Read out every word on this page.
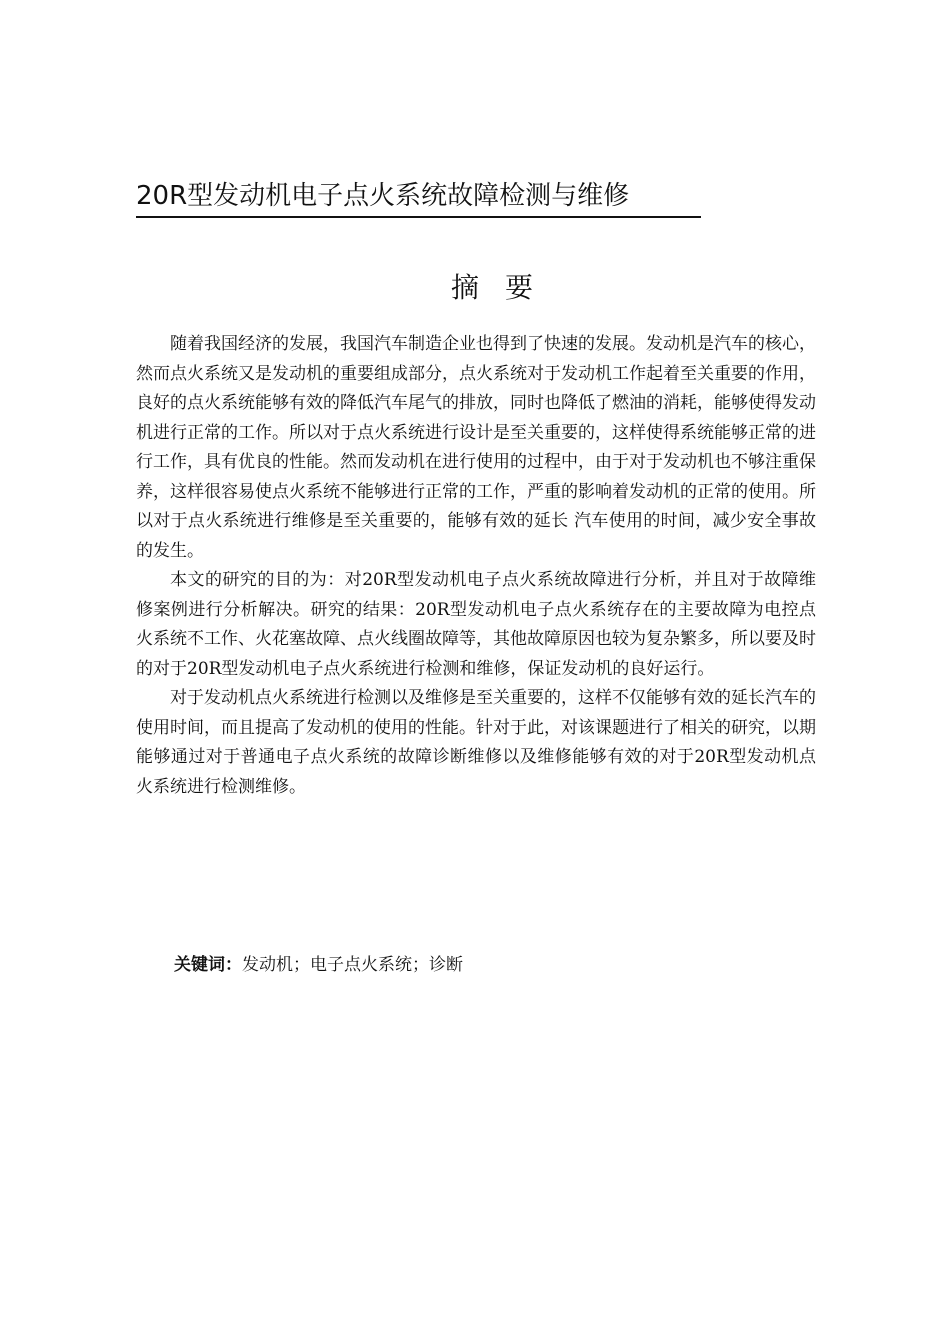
20R型发动机电子点火系统故障检测与维修
摘要

随着我国经济的发展，我国汽车制造企业也得到了快速的发展。发动机是汽车的核心，然而点火系统又是发动机的重要组成部分，点火系统对于发动机工作起着至关重要的作用，良好的点火系统能够有效的降低汽车尾气的排放，同时也降低了燃油的消耗，能够使得发动机进行正常的工作。所以对于点火系统进行设计是至关重要的，这样使得系统能够正常的进行工作，具有优良的性能。然而发动机在进行使用的过程中，由于对于发动机也不够注重保养，这样很容易使点火系统不能够进行正常的工作，严重的影响着发动机的正常的使用。所以对于点火系统进行维修是至关重要的，能够有效的延长 汽车使用的时间，减少安全事故的发生。

本文的研究的目的为：对20R型发动机电子点火系统故障进行分析，并且对于故障维修案例进行分析解决。研究的结果：20R型发动机电子点火系统存在的主要故障为电控点火系统不工作、火花塞故障、点火线圈故障等，其他故障原因也较为复杂繁多，所以要及时的对于20R型发动机电子点火系统进行检测和维修，保证发动机的良好运行。

对于发动机点火系统进行检测以及维修是至关重要的，这样不仅能够有效的延长汽车的使用时间，而且提高了发动机的使用的性能。针对于此，对该课题进行了相关的研究，以期能够通过对于普通电子点火系统的故障诊断维修以及维修能够有效的对于20R型发动机点火系统进行检测维修。

关键词：发动机；电子点火系统；诊断
